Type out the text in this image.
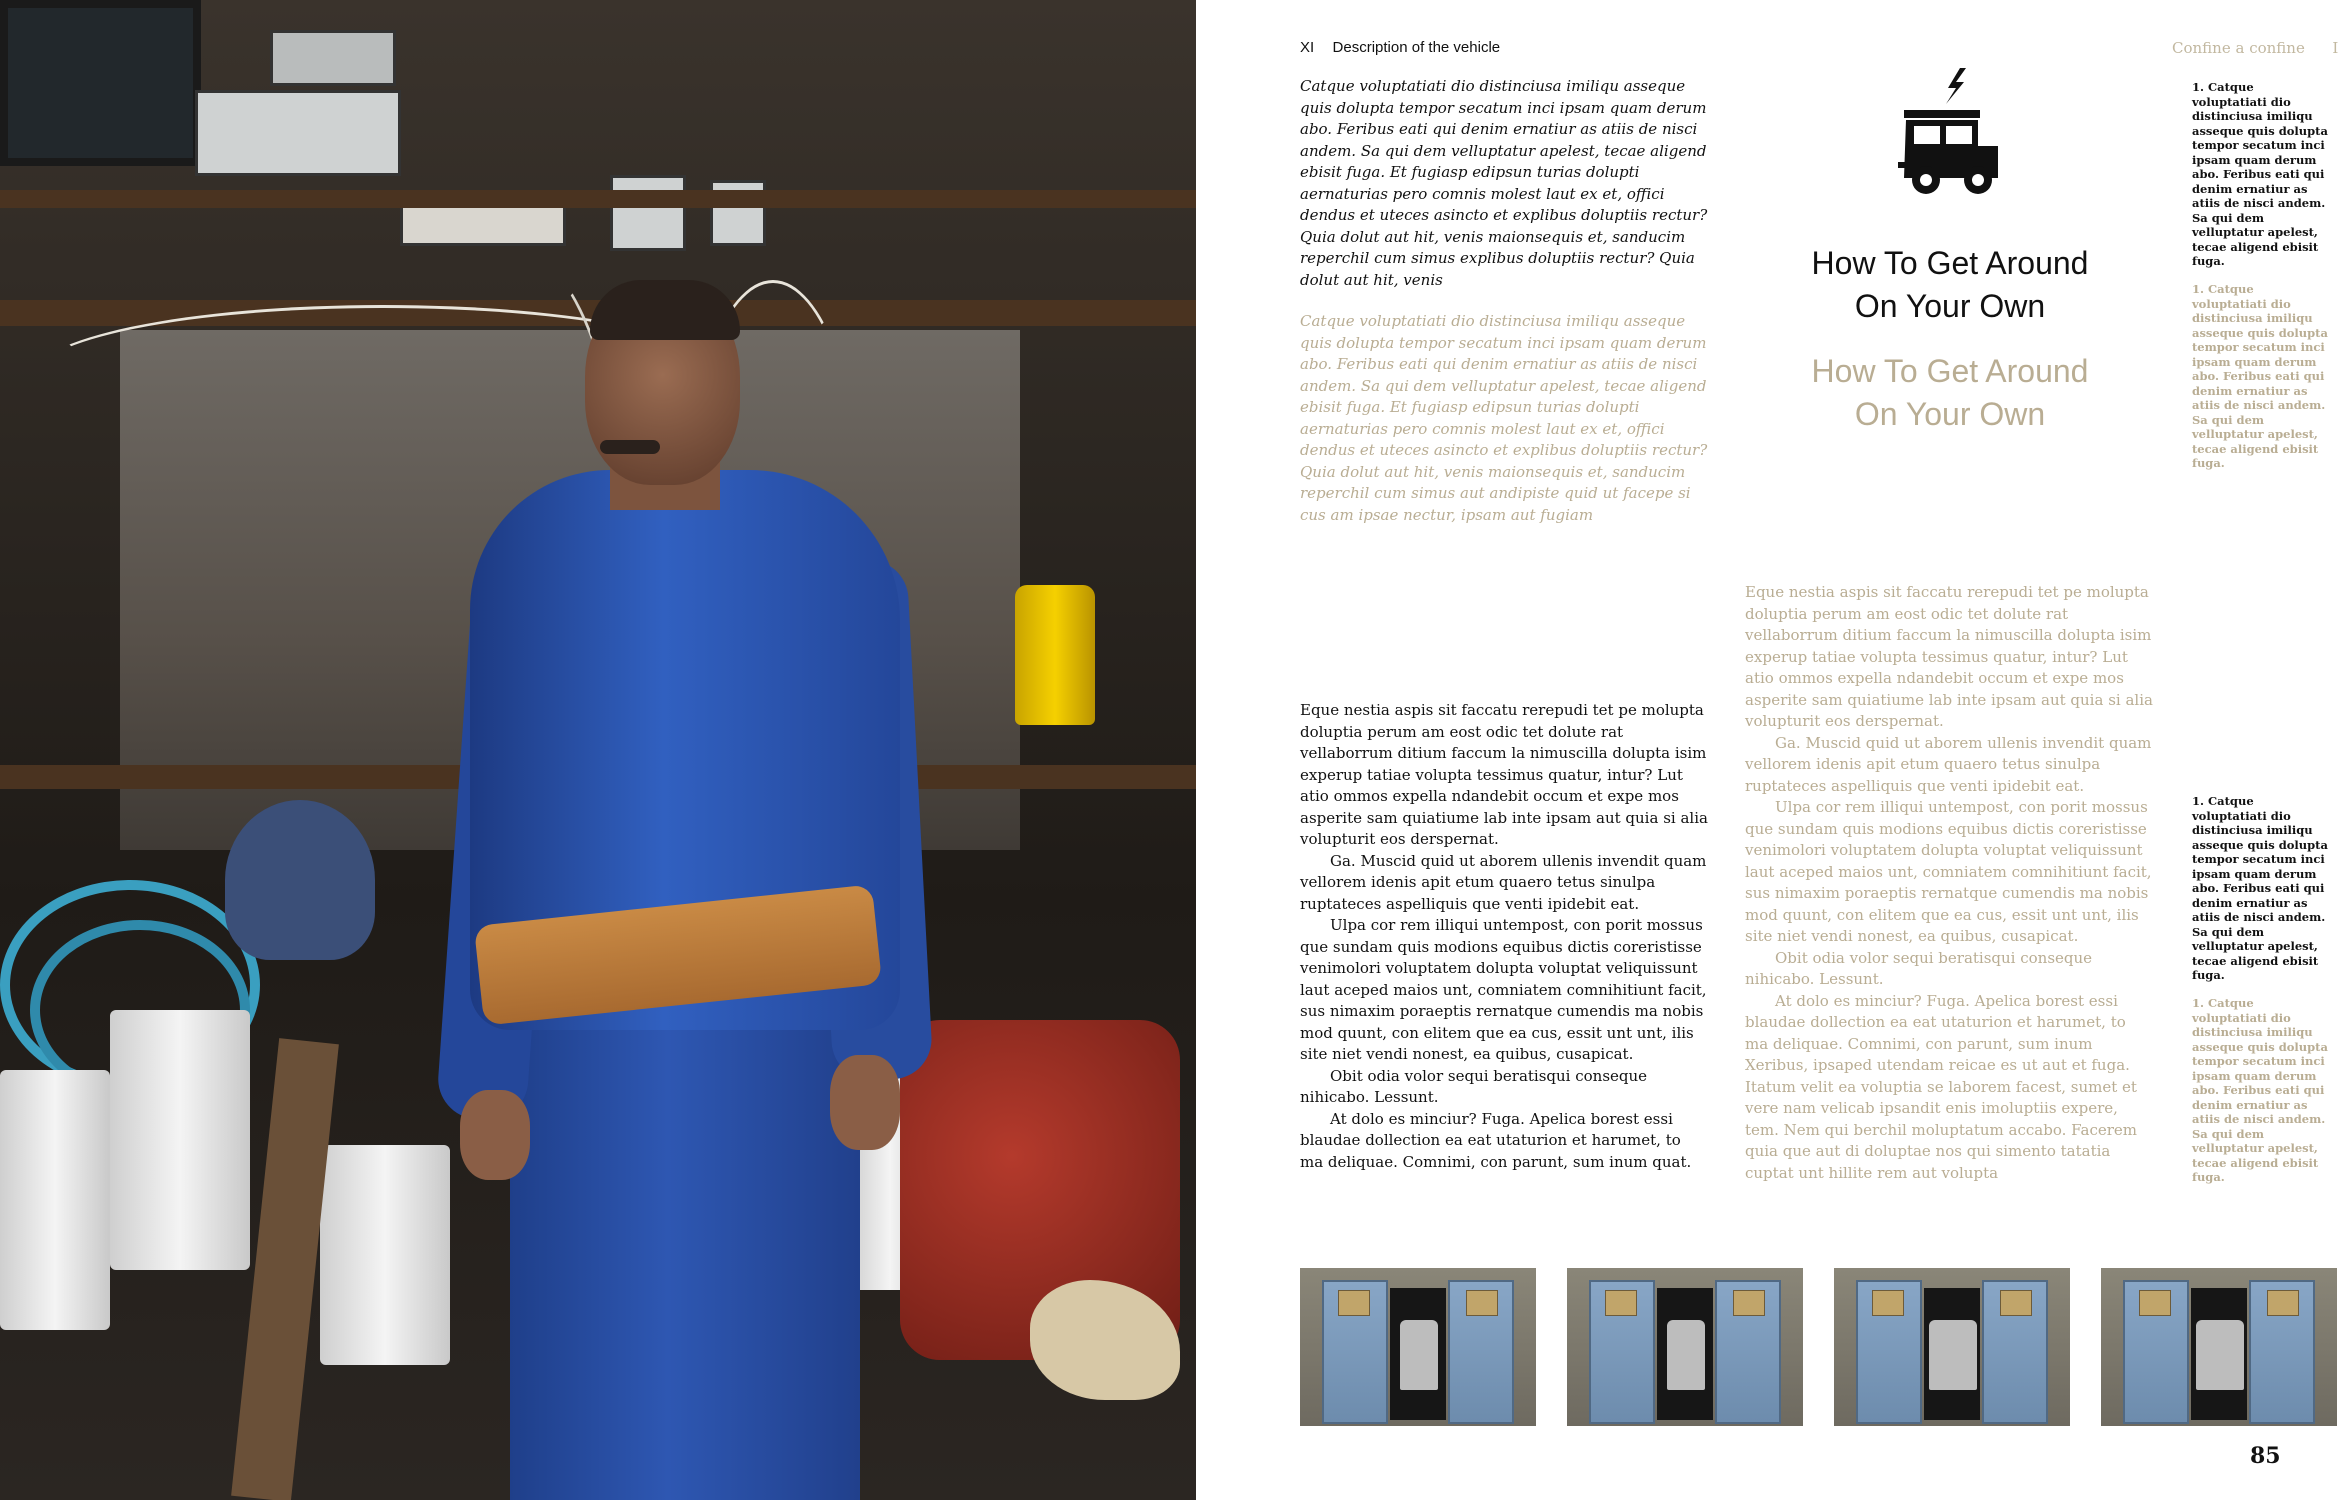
XI Description of the vehicle	Confine a confine I
Catque voluptatiati dio distinciusa imiliqu asseque quis dolupta tempor secatum inci ipsam quam derum abo. Feribus eati qui denim ernatiur as atiis de nisci andem. Sa qui dem velluptatur apelest, tecae aligend ebisit fuga. Et fugiasp edipsun turias dolupti aernaturias pero comnis molest laut ex et, offici dendus et uteces asincto et explibus doluptiis rectur? Quia dolut aut hit, venis maionsequis et, sanducim reperchil cum simus explibus doluptiis rectur? Quia dolut aut hit, venis
Catque voluptatiati dio distinciusa imiliqu asseque quis dolupta tempor secatum inci ipsam quam derum abo. Feribus eati qui denim ernatiur as atiis de nisci andem. Sa qui dem velluptatur apelest, tecae aligend ebisit fuga. Et fugiasp edipsun turias dolupti aernaturias pero comnis molest laut ex et, offici dendus et uteces asincto et explibus doluptiis rectur? Quia dolut aut hit, venis maionsequis et, sanducim reperchil cum simus aut andipiste quid ut facepe si cus am ipsae nectur, ipsam aut fugiam
How To Get Around
On Your Own
How To Get Around
On Your Own

Eque nestia aspis sit faccatu rerepudi tet pe molupta doluptia perum am eost odic tet dolute rat vellaborrum ditium faccum la nimuscilla dolupta isim experup tatiae volupta tessimus quatur, intur? Lut atio ommos expella ndandebit occum et expe mos asperite sam quiatiume lab inte ipsam aut quia si alia volupturit eos derspernat.

Ga. Muscid quid ut aborem ullenis invendit quam vellorem idenis apit etum quaero tetus sinulpa ruptateces aspelliquis que venti ipidebit eat.

Ulpa cor rem illiqui untempost, con porit mossus que sundam quis modions equibus dictis coreristisse venimolori voluptatem dolupta voluptat veliquissunt laut aceped maios unt, comniatem comnihitiunt facit, sus nimaxim poraeptis rernatque cumendis ma nobis mod quunt, con elitem que ea cus, essit unt unt, ilis site niet vendi nonest, ea quibus, cusapicat.

Obit odia volor sequi beratisqui conseque nihicabo. Lessunt.

At dolo es minciur? Fuga. Apelica borest essi blaudae dollection ea eat utaturion et harumet, to ma deliquae. Comnimi, con parunt, sum inum quat.

Eque nestia aspis sit faccatu rerepudi tet pe molupta doluptia perum am eost odic tet dolute rat vellaborrum ditium faccum la nimuscilla dolupta isim experup tatiae volupta tessimus quatur, intur? Lut atio ommos expella ndandebit occum et expe mos asperite sam quiatiume lab inte ipsam aut quia si alia volupturit eos derspernat.

Ga. Muscid quid ut aborem ullenis invendit quam vellorem idenis apit etum quaero tetus sinulpa ruptateces aspelliquis que venti ipidebit eat.

Ulpa cor rem illiqui untempost, con porit mossus que sundam quis modions equibus dictis coreristisse venimolori voluptatem dolupta voluptat veliquissunt laut aceped maios unt, comniatem comnihitiunt facit, sus nimaxim poraeptis rernatque cumendis ma nobis mod quunt, con elitem que ea cus, essit unt unt, ilis site niet vendi nonest, ea quibus, cusapicat.

Obit odia volor sequi beratisqui conseque nihicabo. Lessunt.

At dolo es minciur? Fuga. Apelica borest essi blaudae dollection ea eat utaturion et harumet, to ma deliquae. Comnimi, con parunt, sum inum Xeribus, ipsaped utendam reicae es ut aut et fuga. Itatum velit ea voluptia se laborem facest, sumet et vere nam velicab ipsandit enis imoluptiis expere, tem. Nem qui berchil moluptatum accabo. Facerem quia que aut di doluptae nos qui simento tatatia cuptat unt hillite rem aut volupta

1. Catque voluptatiati dio distinciusa imiliqu asseque quis dolupta tempor secatum inci ipsam quam derum abo. Feribus eati qui denim ernatiur as atiis de nisci andem. Sa qui dem velluptatur apelest, tecae aligend ebisit fuga.
1. Catque voluptatiati dio distinciusa imiliqu asseque quis dolupta tempor secatum inci ipsam quam derum abo. Feribus eati qui denim ernatiur as atiis de nisci andem. Sa qui dem velluptatur apelest, tecae aligend ebisit fuga.
1. Catque voluptatiati dio distinciusa imiliqu asseque quis dolupta tempor secatum inci ipsam quam derum abo. Feribus eati qui denim ernatiur as atiis de nisci andem. Sa qui dem velluptatur apelest, tecae aligend ebisit fuga.
1. Catque voluptatiati dio distinciusa imiliqu asseque quis dolupta tempor secatum inci ipsam quam derum abo. Feribus eati qui denim ernatiur as atiis de nisci andem. Sa qui dem velluptatur apelest, tecae aligend ebisit fuga.
85
